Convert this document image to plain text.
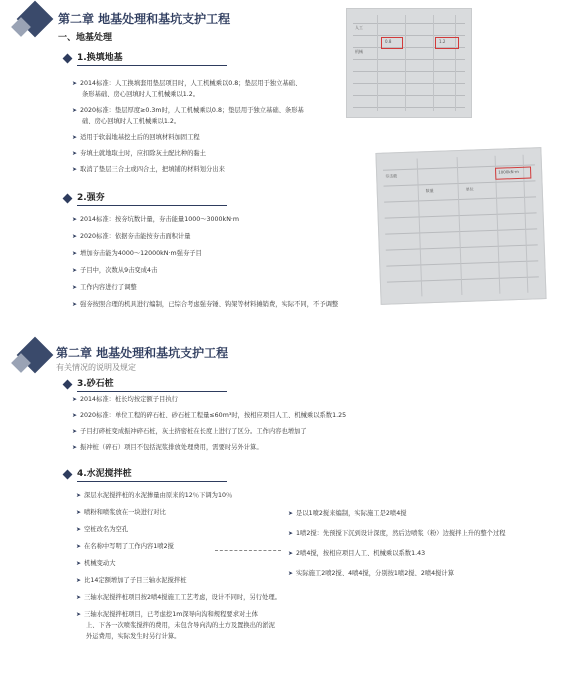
第二章 地基处理和基坑支护工程
一、地基处理
1.换填地基
➤ 2014标准：人工换填套用垫层项目时，人工机械乘以0.8；垫层用于独立基础、
条形基础、房心回填时人工机械乘以1.2。
➤ 2020标准：垫层厚度≥0.3m时，人工机械乘以0.8；垫层用于独立基础、条形基
础、房心回填时人工机械乘以1.2。
➤ 适用于软弱地基挖土后的回填材料加固工程
➤ 夯填土就地取土时，应扣除灰土配比种的黏土
➤ 取消了垫层三合土或四合土，把填铺的材料划分出来
2.强夯
➤ 2014标准：按夯坑数计量，夯击能量1000～3000kN·m
➤ 2020标准：依据夯击能按夯击面积计量
➤ 增加夯击能为4000～12000kN·m强夯子目
➤ 子目中，次数从9击变成4击
➤ 工作内容进行了调整
➤ 强夯按照合理的机具进行编制，已综合考虑强夯锤、钩架等材料摊销费，实际不同，不予调整
0.8	1.2
人工
机械
1000kN·m
夯击能
数量	单位
第二章 地基处理和基坑支护工程
有关情况的说明及规定
3.砂石桩
➤ 2014标准：桩长均按定额子目执行
➤ 2020标准：单位工程的碎石桩、砂石桩工程量≤60m³时，按相应项目人工、机械乘以系数1.25
➤ 子目打碎桩变成振冲碎石桩，灰土挤密桩在长度上进行了区分。工作内容也增加了
➤ 振冲桩（碎石）项目不包括泥浆排放处理费用，需要时另外计算。
4.水泥搅拌桩
➤ 深层水泥搅拌桩的水泥掺量由原来的12％下调为10％
➤ 喷粉和喷浆放在一块进行对比
➤ 空桩改名为空孔
➤ 在名称中写明了工作内容1喷2搅
➤ 机械变动大
➤ 比14定额增加了子目三轴水泥搅拌桩
➤ 三轴水泥搅拌桩项目按2喷4搅施工工艺考虑，设计不同时，另行处理。
➤ 三轴水泥搅拌桩项目，已考虑挖1m深导向沟和规程要求对土体
上、下各一次喷浆搅拌的费用，未包含导向沟的土方及置换出的淤泥
外运费用，实际发生时另行计算。
➤ 是以1喷2搅来编制，实际施工是2喷4搅
➤ 1喷2搅：先预搅下沉到设计深度，然后边喷浆（粉）边搅拌上升的整个过程
➤ 2喷4搅，按相应项目人工、机械乘以系数1.43
➤ 实际施工2喷2搅、4喷4搅，分别按1喷2搅、2喷4搅计算
